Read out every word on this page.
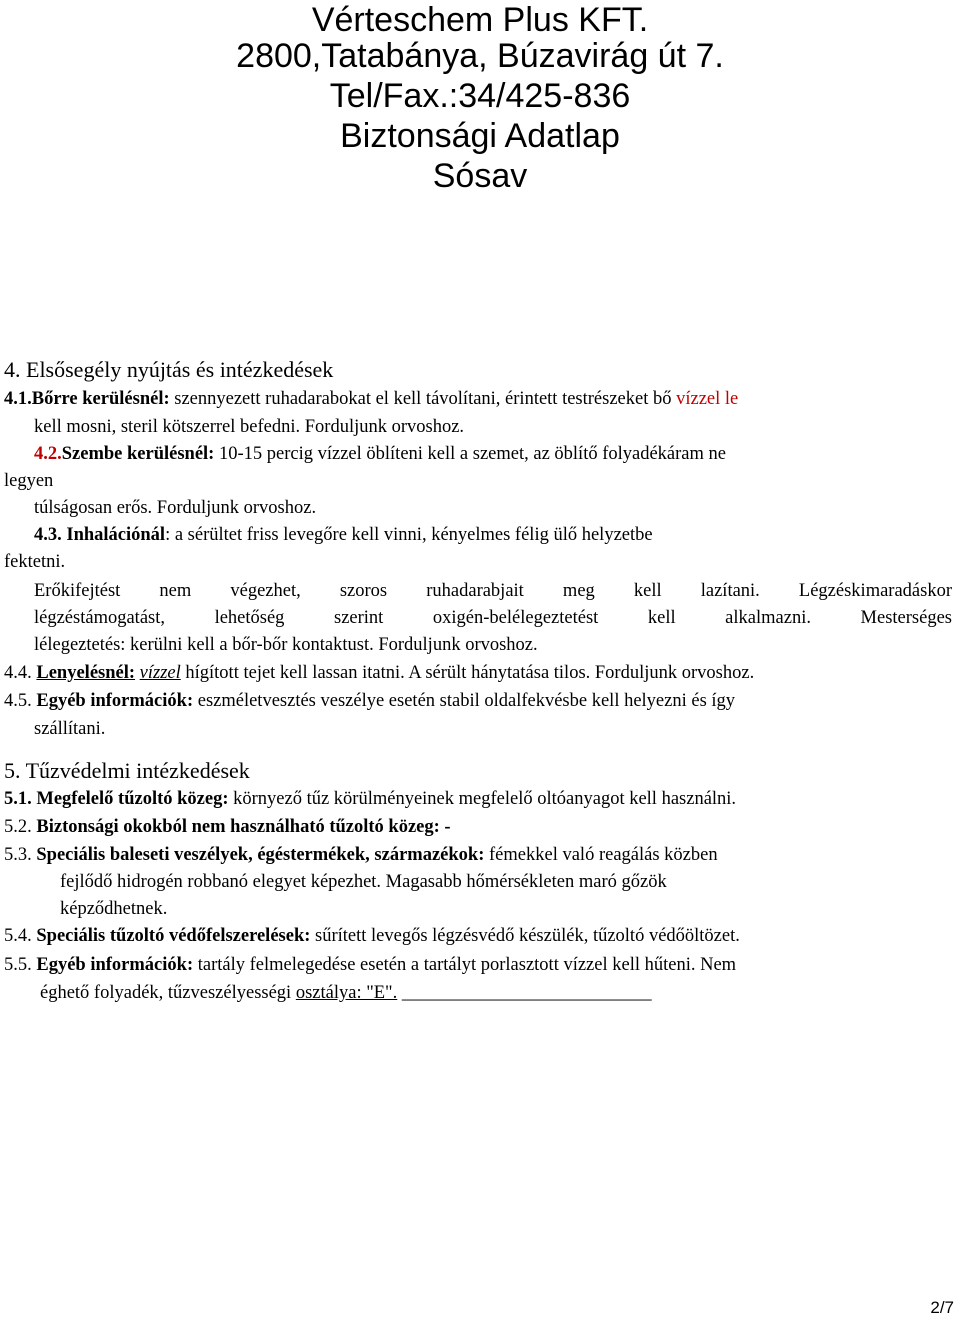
Vérteschem Plus KFT.
2800,Tatabánya, Búzavirág út 7.
Tel/Fax.:34/425-836
Biztonsági Adatlap
Sósav
4. Elsősegély nyújtás és intézkedések
4.1.Bőrre kerülésnél: szennyezett ruhadarabokat el kell távolítani, érintett testrészeket bő vízzel le
kell mosni, steril kötszerrel befedni. Forduljunk orvoshoz.
4.2.Szembe kerülésnél: 10-15 percig vízzel öblíteni kell a szemet, az öblítő folyadékáram ne
legyen
túlságosan erős. Forduljunk orvoshoz.
4.3. Inhalációnál: a sérültet friss levegőre kell vinni, kényelmes félig ülő helyzetbe
fektetni.
Erőkifejtést nem végezhet, szoros ruhadarabjait meg kell lazítani. Légzéskimaradáskor
légzéstámogatást, lehetőség szerint oxigén-belélegeztetést kell alkalmazni. Mesterséges
lélegeztetés: kerülni kell a bőr-bőr kontaktust. Forduljunk orvoshoz.
4.4. Lenyelésnél: vízzel hígított tejet kell lassan itatni. A sérült hánytatása tilos. Forduljunk orvoshoz.
4.5. Egyéb információk: eszméletvesztés veszélye esetén stabil oldalfekvésbe kell helyezni és így
szállítani.
5. Tűzvédelmi intézkedések
5.1. Megfelelő tűzoltó közeg: környező tűz körülményeinek megfelelő oltóanyagot kell használni.
5.2. Biztonsági okokból nem használható tűzoltó közeg: -
5.3. Speciális baleseti veszélyek, égéstermékek, származékok: fémekkel való reagálás közben
fejlődő hidrogén robbanó elegyet képezhet. Magasabb hőmérsékleten maró gőzök
képződhetnek.
5.4. Speciális tűzoltó védőfelszerelések: sűrített levegős légzésvédő készülék, tűzoltó védőöltözet.
5.5. Egyéb információk: tartály felmelegedése esetén a tartályt porlasztott vízzel kell hűteni. Nem
éghető folyadék, tűzveszélyességi osztálya: "E". ___________________________
2/7
